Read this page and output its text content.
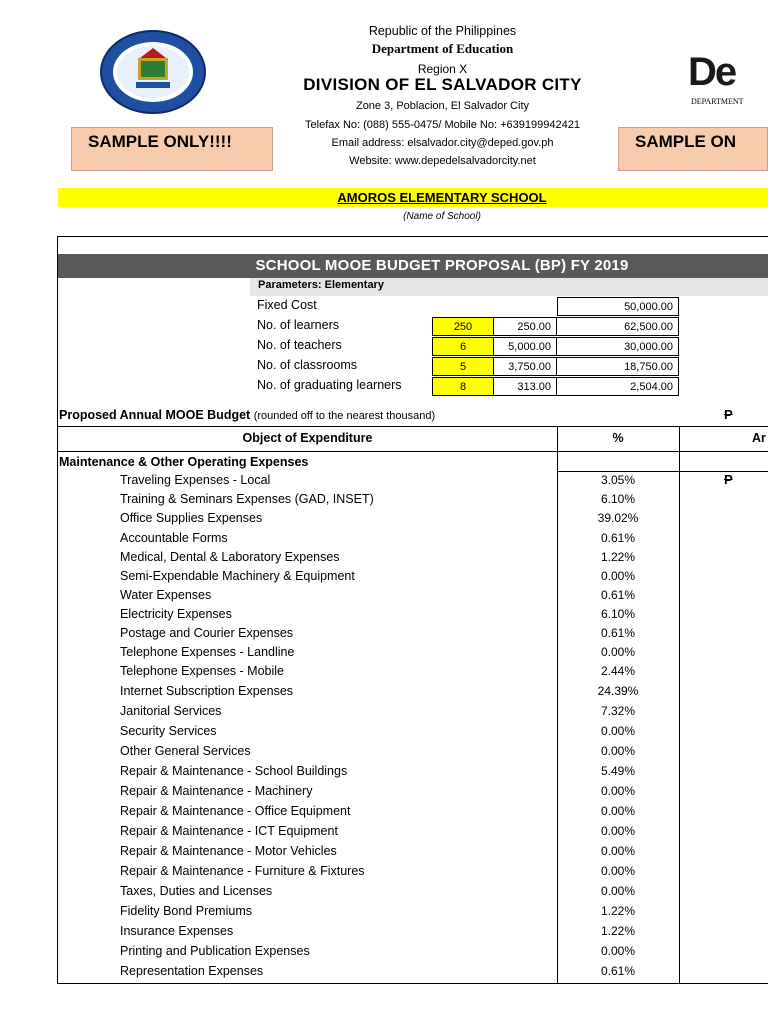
Republic of the Philippines
Department of Education
Region X
DIVISION OF EL SALVADOR CITY
Zone 3, Poblacion, El Salvador City
Telefax No: (088) 555-0475/ Mobile No: +639199942421
Email address: elsalvador.city@deped.gov.ph
Website: www.depedelsalvadorcity.net
De
DEPARTMENT
SAMPLE ONLY!!!!	SAMPLE ON
AMOROS ELEMENTARY SCHOOL
(Name of School)
SCHOOL MOOE BUDGET PROPOSAL (BP) FY 2019
Parameters: Elementary
Fixed Cost	50,000.00
No. of learners	250	250.00	62,500.00
No. of teachers	6	5,000.00	30,000.00
No. of classrooms	5	3,750.00	18,750.00
No. of graduating learners	8	313.00	2,504.00
Proposed Annual MOOE Budget (rounded off to the nearest thousand)	P
Object of Expenditure	%	Ar
Maintenance & Other Operating Expenses
P
Traveling Expenses - Local	3.05%
Training & Seminars Expenses (GAD, INSET)	6.10%
Office Supplies Expenses	39.02%
Accountable Forms	0.61%
Medical, Dental & Laboratory Expenses	1.22%
Semi-Expendable Machinery & Equipment	0.00%
Water Expenses	0.61%
Electricity Expenses	6.10%
Postage and Courier Expenses	0.61%
Telephone Expenses - Landline	0.00%
Telephone Expenses - Mobile	2.44%
Internet Subscription Expenses	24.39%
Janitorial Services	7.32%
Security Services	0.00%
Other General Services	0.00%
Repair & Maintenance - School Buildings	5.49%
Repair & Maintenance - Machinery	0.00%
Repair & Maintenance - Office Equipment	0.00%
Repair & Maintenance - ICT Equipment	0.00%
Repair & Maintenance - Motor Vehicles	0.00%
Repair & Maintenance - Furniture & Fixtures	0.00%
Taxes, Duties and Licenses	0.00%
Fidelity Bond Premiums	1.22%
Insurance Expenses	1.22%
Printing and Publication Expenses	0.00%
Representation Expenses	0.61%
